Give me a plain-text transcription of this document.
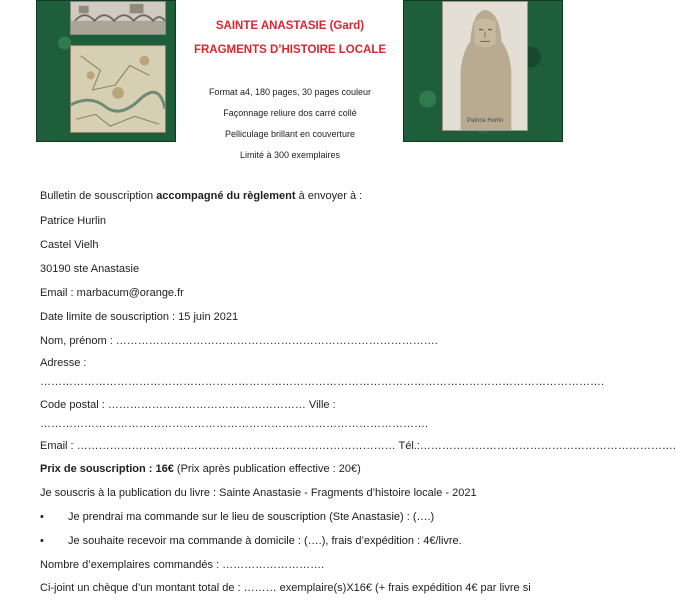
Patrice Hurlin
SAINTE ANASTASIE (Gard)
FRAGMENTS D’HISTOIRE LOCALE
Format a4, 180 pages, 30 pages couleur
Façonnage reliure dos carré collé
Pelliculage brillant en couverture
Limité à 300 exemplaires
Bulletin de souscription accompagné du règlement à envoyer à :
Patrice Hurlin
Castel Vielh
30190 ste Anastasie
Email : marbacum@orange.fr
Date limite de souscription : 15 juin 2021
Nom, prénom : …………………………………………………………………………….
Adresse :
……………………………………………………………………………………………………………………………………….
Code postal : ……………………………………………… Ville :
…………………………………………………………………………………………….
Email : …………………………………………………………………………… Tél.:…………………………………………………………….
Prix de souscription : 16€ (Prix après publication effective : 20€)
Je souscris à la publication du livre : Sainte Anastasie - Fragments d’histoire locale - 2021
• Je prendrai ma commande sur le lieu de souscription (Ste Anastasie) : (….)
• Je souhaite recevoir ma commande à domicile : (….), frais d’expédition : 4€/livre.
Nombre d’exemplaires commandés : ……………………….
Ci-joint un chèque d’un montant total de : ……… exemplaire(s)X16€ (+ frais expédition 4€ par livre si
